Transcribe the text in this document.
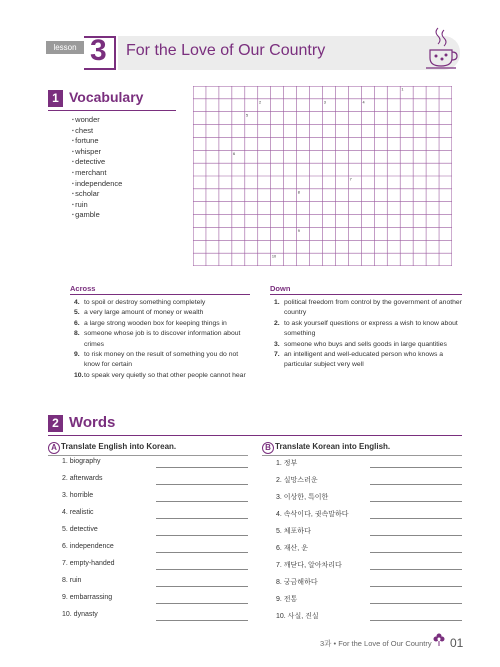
lesson 3 For the Love of Our Country
1 Vocabulary
▪ wonder
▪ chest
▪ fortune
▪ whisper
▪ detective
▪ merchant
▪ independence
▪ scholar
▪ ruin
▪ gamble
1
2	3	4
5
6
7
8
9
10
Across
4. to spoil or destroy something completely
5. a very large amount of money or wealth
6. a large strong wooden box for keeping things in
8. someone whose job is to discover information about crimes
9. to risk money on the result of something you do not know for certain
10. to speak very quietly so that other people cannot hear
Down
1. political freedom from control by the government of another country
2. to ask yourself questions or express a wish to know about something
3. someone who buys and sells goods in large quantities
7. an intelligent and well-educated person who knows a particular subject very well
2 Words
A Translate English into Korean.	B Translate Korean into English.
1. biography
2. afterwards
3. horrible
4. realistic
5. detective
6. independence
7. empty-handed
8. ruin
9. embarrassing
10. dynasty
1. 정부
2. 실망스러운
3. 이상한, 특이한
4. 속삭이다, 귓속말하다
5. 체포하다
6. 재산, 운
7. 깨닫다, 알아차리다
8. 궁금해하다
9. 전통
10. 사실, 진실
3과 • For the Love of Our Country 01
